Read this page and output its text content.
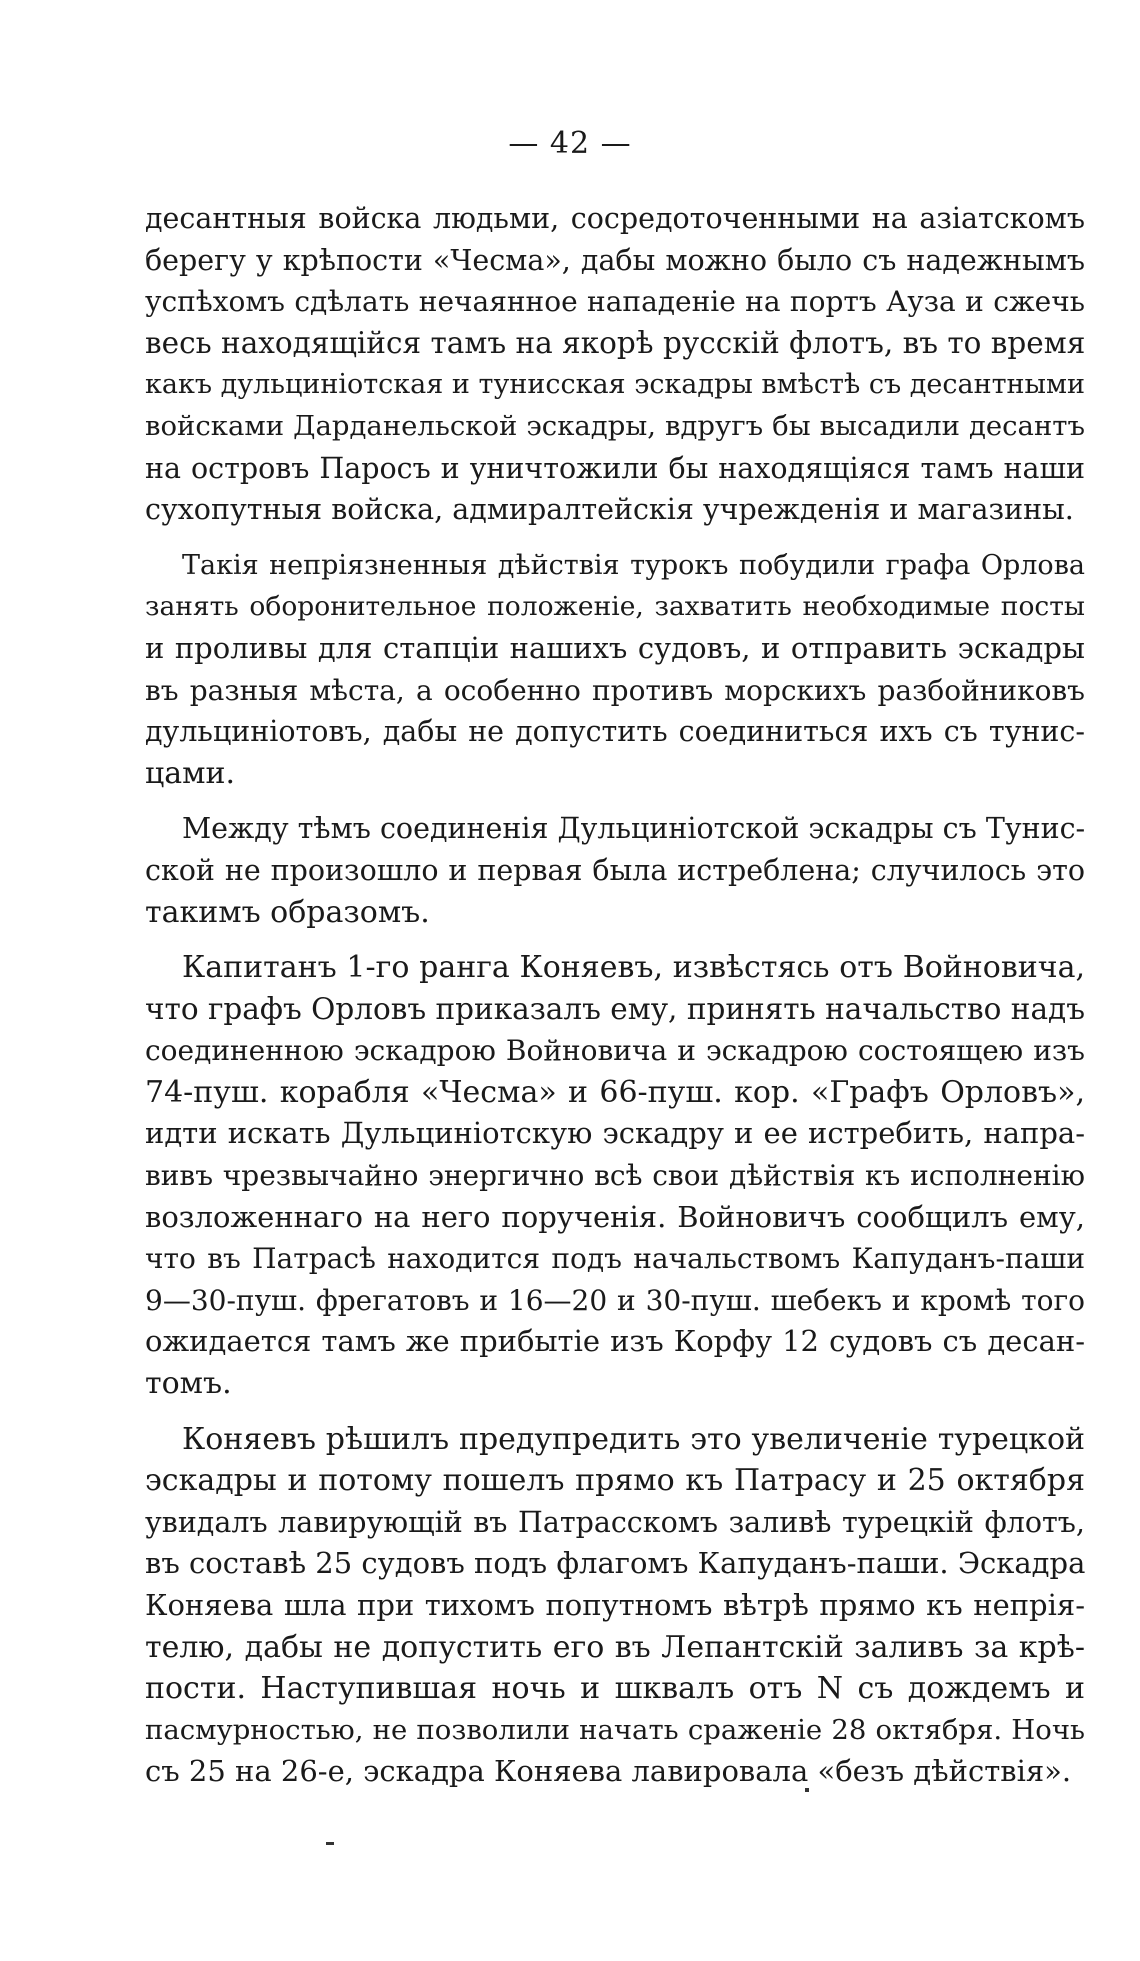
— 42 —
десантныя войска людьми, сосредоточенными на азіатскомъ
берегу у крѣпости «Чесма», дабы можно было съ надежнымъ
успѣхомъ сдѣлать нечаянное нападеніе на портъ Ауза и сжечь
весь находящійся тамъ на якорѣ русскій флотъ, въ то время
какъ дульциніотская и тунисская эскадры вмѣстѣ съ десантными
войсками Дарданельской эскадры, вдругъ бы высадили десантъ
на островъ Паросъ и уничтожили бы находящіяся тамъ наши
сухопутныя войска, адмиралтейскія учрежденія и магазины.
Такія непріязненныя дѣйствія турокъ побудили графа Орлова
занять оборонительное положеніе, захватить необходимые посты
и проливы для стапціи нашихъ судовъ, и отправить эскадры
въ разныя мѣста, а особенно противъ морскихъ разбойниковъ
дульциніотовъ, дабы не допустить соединиться ихъ съ тунис-
цами.
Между тѣмъ соединенія Дульциніотской эскадры съ Тунис-
ской не произошло и первая была истреблена; случилось это
такимъ образомъ.
Капитанъ 1-го ранга Коняевъ, извѣстясь отъ Войновича,
что графъ Орловъ приказалъ ему, принять начальство надъ
соединенною эскадрою Войновича и эскадрою состоящею изъ
74-пуш. корабля «Чесма» и 66-пуш. кор. «Графъ Орловъ»,
идти искать Дульциніотскую эскадру и ее истребить, напра-
вивъ чрезвычайно энергично всѣ свои дѣйствія къ исполненію
возложеннаго на него порученія. Войновичъ сообщилъ ему,
что въ Патрасѣ находится подъ начальствомъ Капуданъ-паши
9—30-пуш. фрегатовъ и 16—20 и 30-пуш. шебекъ и кромѣ того
ожидается тамъ же прибытіе изъ Корфу 12 судовъ съ десан-
томъ.
Коняевъ рѣшилъ предупредить это увеличеніе турецкой
эскадры и потому пошелъ прямо къ Патрасу и 25 октября
увидалъ лавирующій въ Патрасскомъ заливѣ турецкій флотъ,
въ составѣ 25 судовъ подъ флагомъ Капуданъ-паши. Эскадра
Коняева шла при тихомъ попутномъ вѣтрѣ прямо къ непрія-
телю, дабы не допустить его въ Лепантскій заливъ за крѣ-
пости. Наступившая ночь и шквалъ отъ N съ дождемъ и
пасмурностью, не позволили начать сраженіе 28 октября. Ночь
съ 25 на 26-е, эскадра Коняева лавировала «безъ дѣйствія».
